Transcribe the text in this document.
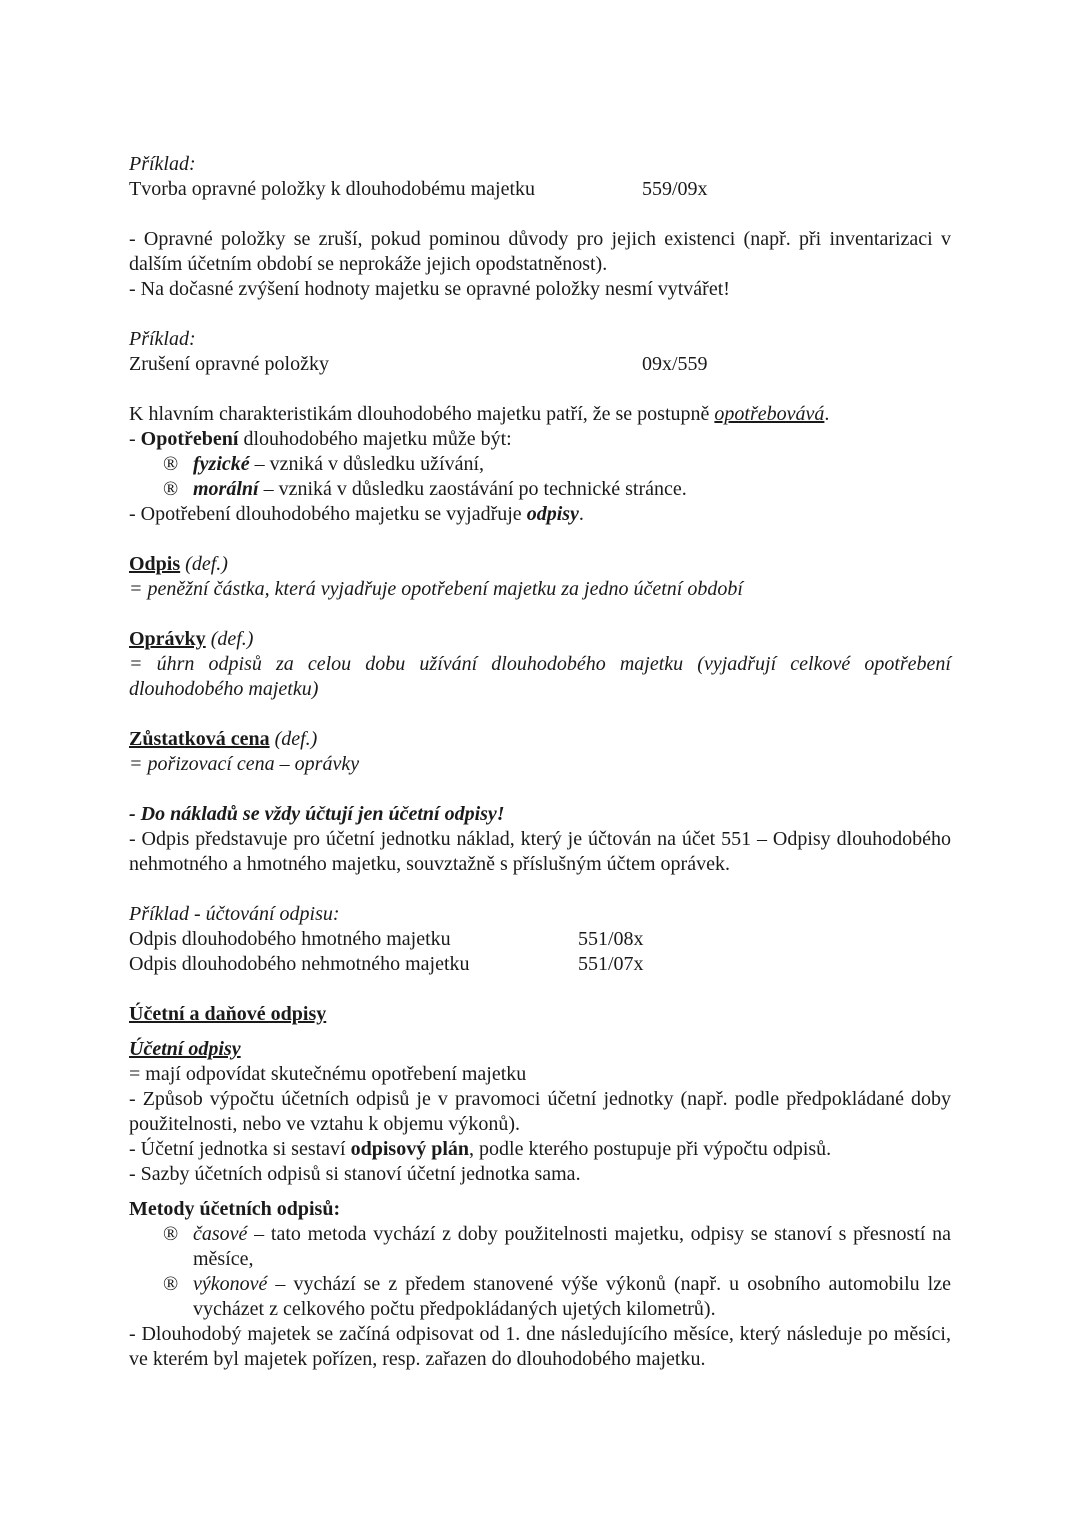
Příklad:

Tvorba opravné položky k dlouhodobému majetku	559/09x

- Opravné položky se zruší, pokud pominou důvody pro jejich existenci (např. při inventarizaci v dalším účetním období se neprokáže jejich opodstatněnost).

- Na dočasné zvýšení hodnoty majetku se opravné položky nesmí vytvářet!

Příklad:

Zrušení opravné položky	09x/559

K hlavním charakteristikám dlouhodobého majetku patří, že se postupně opotřebovává.

- Opotřebení dlouhodobého majetku může být:

® fyzické – vzniká v důsledku užívání,
® morální – vzniká v důsledku zaostávání po technické stránce.

- Opotřebení dlouhodobého majetku se vyjadřuje odpisy.

Odpis (def.)

= peněžní částka, která vyjadřuje opotřebení majetku za jedno účetní období

Oprávky (def.)

= úhrn odpisů za celou dobu užívání dlouhodobého majetku (vyjadřují celkové opotřebení dlouhodobého majetku)

Zůstatková cena (def.)

= pořizovací cena – oprávky

- Do nákladů se vždy účtují jen účetní odpisy!

- Odpis představuje pro účetní jednotku náklad, který je účtován na účet 551 – Odpisy dlouhodobého nehmotného a hmotného majetku, souvztažně s příslušným účtem oprávek.

Příklad - účtování odpisu:

Odpis dlouhodobého hmotného majetku	551/08x
Odpis dlouhodobého nehmotného majetku	551/07x

Účetní a daňové odpisy

Účetní odpisy

= mají odpovídat skutečnému opotřebení majetku

- Způsob výpočtu účetních odpisů je v pravomoci účetní jednotky (např. podle předpokládané doby použitelnosti, nebo ve vztahu k objemu výkonů).

- Účetní jednotka si sestaví odpisový plán, podle kterého postupuje při výpočtu odpisů.

- Sazby účetních odpisů si stanoví účetní jednotka sama.

Metody účetních odpisů:

® časové – tato metoda vychází z doby použitelnosti majetku, odpisy se stanoví s přesností na měsíce,
® výkonové – vychází se z předem stanovené výše výkonů (např. u osobního automobilu lze vycházet z celkového počtu předpokládaných ujetých kilometrů).

- Dlouhodobý majetek se začíná odpisovat od 1. dne následujícího měsíce, který následuje po měsíci, ve kterém byl majetek pořízen, resp. zařazen do dlouhodobého majetku.
